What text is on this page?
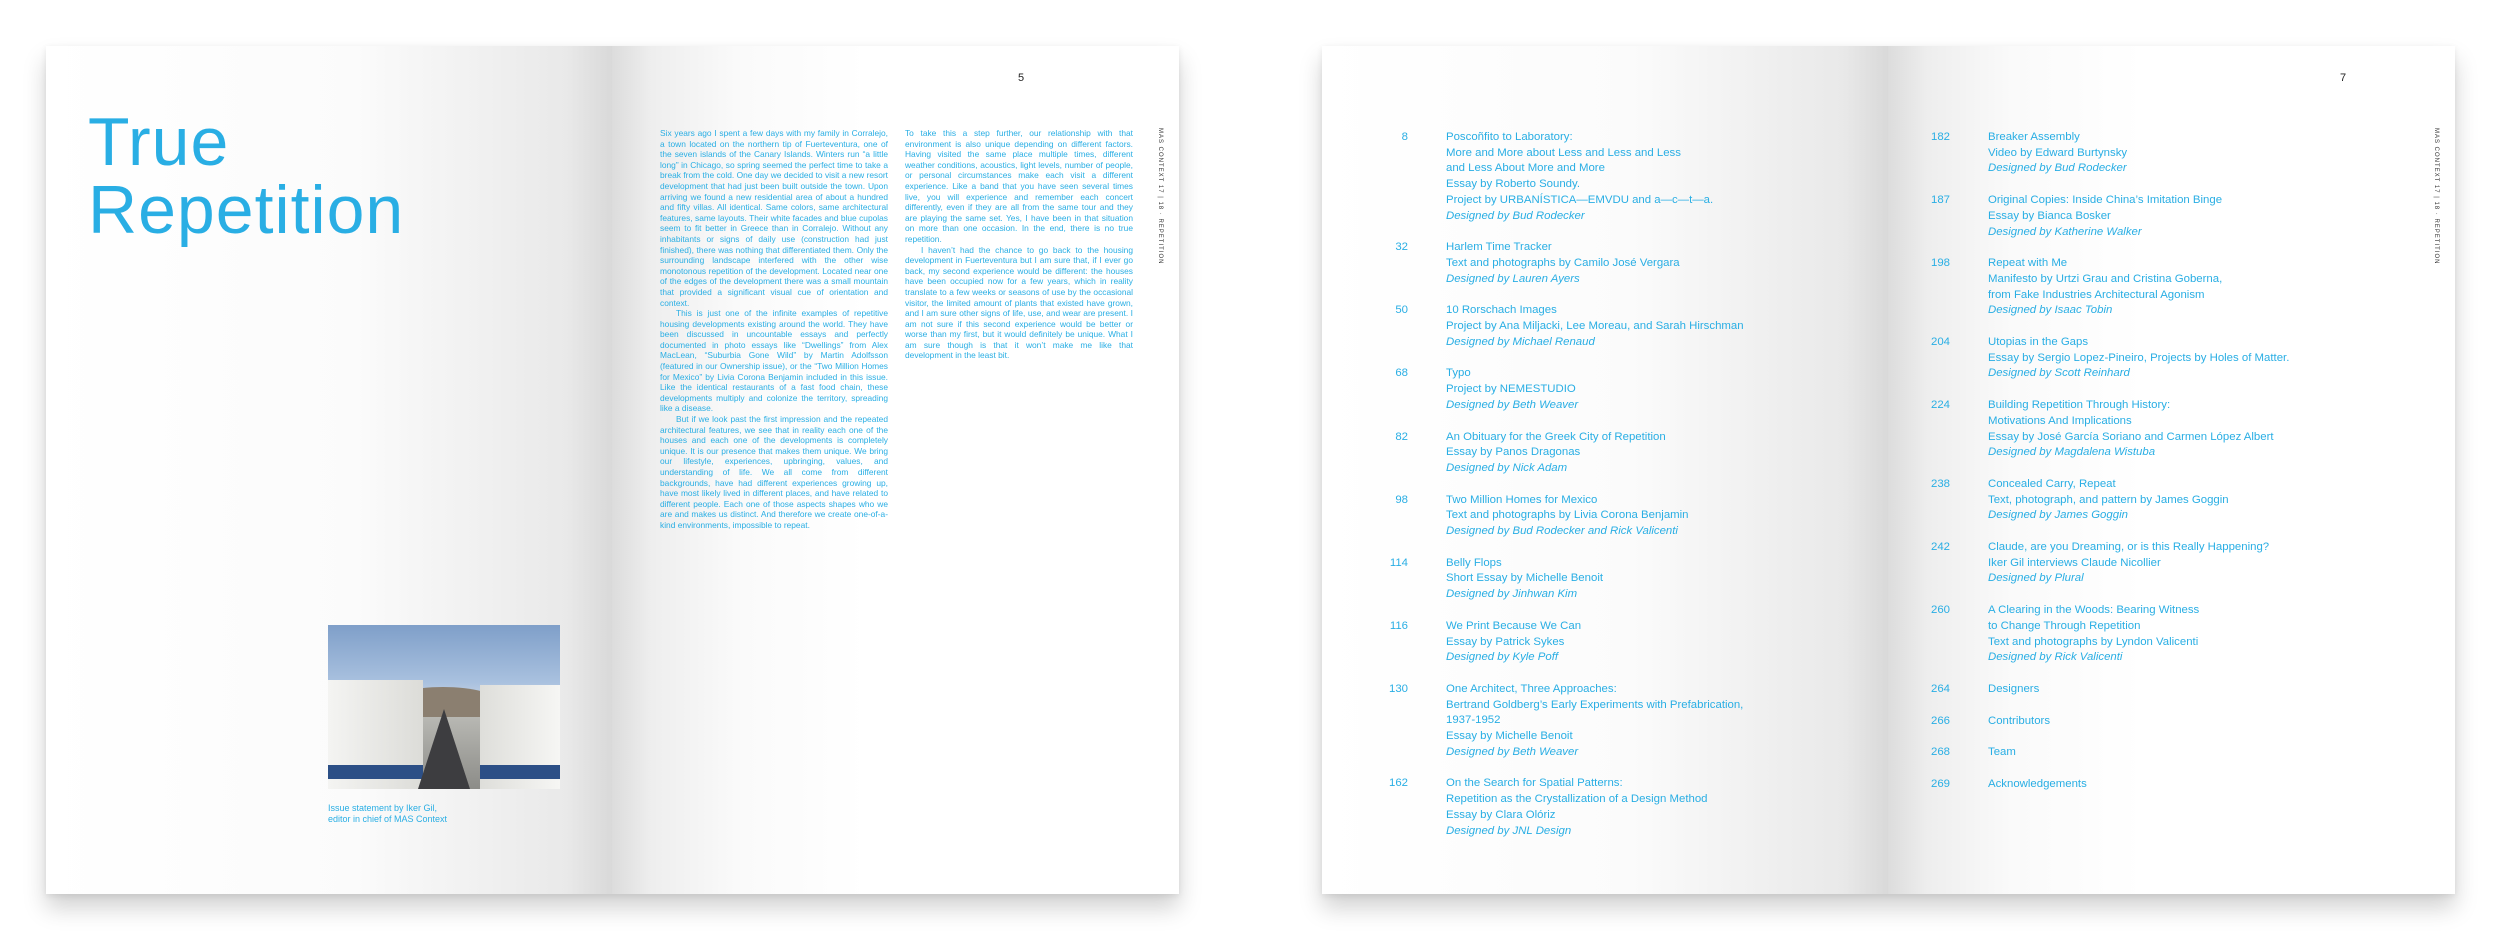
True
Repetition
Issue statement by Iker Gil,
editor in chief of MAS Context
5
MAS CONTEXT 17 | 18 · REPETITION

Six years ago I spent a few days with my family in Corralejo, a town located on the northern tip of Fuerteventura, one of the seven islands of the Canary Islands. Winters run “a little long” in Chicago, so spring seemed the perfect time to take a break from the cold. One day we decided to visit a new resort development that had just been built outside the town. Upon arriving we found a new residential area of about a hundred and fifty villas. All identical. Same colors, same architectural features, same layouts. Their white facades and blue cupolas seem to fit better in Greece than in Corralejo. Without any inhabitants or signs of daily use (construction had just finished), there was nothing that differentiated them. Only the surrounding landscape interfered with the other wise monotonous repetition of the development. Located near one of the edges of the development there was a small mountain that provided a significant visual cue of orientation and context.

This is just one of the infinite examples of repetitive housing developments existing around the world. They have been discussed in uncountable essays and perfectly documented in photo essays like “Dwellings” from Alex MacLean, “Suburbia Gone Wild” by Martin Adolfsson (featured in our Ownership issue), or the “Two Million Homes for Mexico” by Livia Corona Benjamin included in this issue. Like the identical restaurants of a fast food chain, these developments multiply and colonize the territory, spreading like a disease.

But if we look past the first impression and the repeated architectural features, we see that in reality each one of the houses and each one of the developments is completely unique. It is our presence that makes them unique. We bring our lifestyle, experiences, upbringing, values, and understanding of life. We all come from different backgrounds, have had different experiences growing up, have most likely lived in different places, and have related to different people. Each one of those aspects shapes who we are and makes us distinct. And therefore we create one-of-a-kind environments, impossible to repeat.

To take this a step further, our relationship with that environment is also unique depending on different factors. Having visited the same place multiple times, different weather conditions, acoustics, light levels, number of people, or personal circumstances make each visit a different experience. Like a band that you have seen several times live, you will experience and remember each concert differently, even if they are all from the same tour and they are playing the same set. Yes, I have been in that situation on more than one occasion. In the end, there is no true repetition.

I haven’t had the chance to go back to the housing development in Fuerteventura but I am sure that, if I ever go back, my second experience would be different: the houses have been occupied now for a few years, which in reality translate to a few weeks or seasons of use by the occasional visitor, the limited amount of plants that existed have grown, and I am sure other signs of life, use, and wear are present. I am not sure if this second experience would be better or worse than my first, but it would definitely be unique. What I am sure though is that it won’t make me like that development in the least bit.

8	Poscoñfito to Laboratory:
More and More about Less and Less and Less
and Less About More and More
Essay by Roberto Soundy.
Project by URBANÍSTICA—EMVDU and a—c—t—a.
Designed by Bud Rodecker
32	Harlem Time Tracker
Text and photographs by Camilo José Vergara
Designed by Lauren Ayers
50	10 Rorschach Images
Project by Ana Miljacki, Lee Moreau, and Sarah Hirschman
Designed by Michael Renaud
68	Typo
Project by NEMESTUDIO
Designed by Beth Weaver
82	An Obituary for the Greek City of Repetition
Essay by Panos Dragonas
Designed by Nick Adam
98	Two Million Homes for Mexico
Text and photographs by Livia Corona Benjamin
Designed by Bud Rodecker and Rick Valicenti
114	Belly Flops
Short Essay by Michelle Benoit
Designed by Jinhwan Kim
116	We Print Because We Can
Essay by Patrick Sykes
Designed by Kyle Poff
130	One Architect, Three Approaches:
Bertrand Goldberg’s Early Experiments with Prefabrication,
1937-1952
Essay by Michelle Benoit
Designed by Beth Weaver
162	On the Search for Spatial Patterns:
Repetition as the Crystallization of a Design Method
Essay by Clara Olóriz
Designed by JNL Design
7
MAS CONTEXT 17 | 18 · REPETITION
182	Breaker Assembly
Video by Edward Burtynsky
Designed by Bud Rodecker
187	Original Copies: Inside China’s Imitation Binge
Essay by Bianca Bosker
Designed by Katherine Walker
198	Repeat with Me
Manifesto by Urtzi Grau and Cristina Goberna,
from Fake Industries Architectural Agonism
Designed by Isaac Tobin
204	Utopias in the Gaps
Essay by Sergio Lopez-Pineiro, Projects by Holes of Matter.
Designed by Scott Reinhard
224	Building Repetition Through History:
Motivations And Implications
Essay by José García Soriano and Carmen López Albert
Designed by Magdalena Wistuba
238	Concealed Carry, Repeat
Text, photograph, and pattern by James Goggin
Designed by James Goggin
242	Claude, are you Dreaming, or is this Really Happening?
Iker Gil interviews Claude Nicollier
Designed by Plural
260	A Clearing in the Woods: Bearing Witness
to Change Through Repetition
Text and photographs by Lyndon Valicenti
Designed by Rick Valicenti
264	Designers
266	Contributors
268	Team
269	Acknowledgements
